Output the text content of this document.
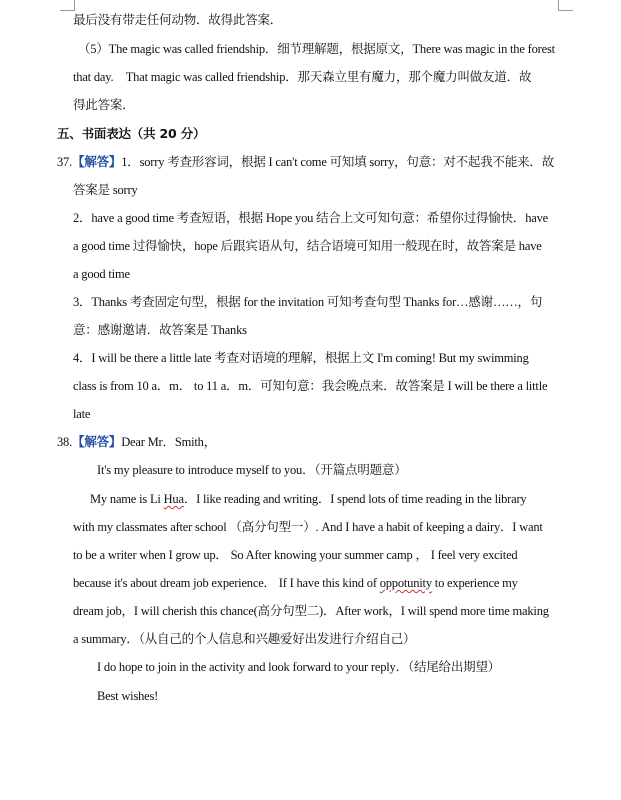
最后没有带走任何动物．故得此答案．
（5）The magic was called friendship．细节理解题，根据原文，There was magic in the forest
that day.　That magic was called friendship．那天森立里有魔力，那个魔力叫做友道．故
得此答案．
五、书面表达（共 20 分）
37.【解答】1．sorry 考查形容词，根据 I can't come 可知填 sorry，句意：对不起我不能来．故
答案是 sorry
2．have a good time 考查短语，根据 Hope you 结合上文可知句意：希望你过得愉快．have
a good time 过得愉快，hope 后跟宾语从句，结合语境可知用一般现在时，故答案是 have
a good time
3．Thanks 考查固定句型，根据 for the invitation 可知考查句型 Thanks for…感谢……，句
意：感谢邀请．故答案是 Thanks
4．I will be there a little late 考查对语境的理解，根据上文 I'm coming! But my swimming
class is from 10 a．m． to 11 a．m．可知句意：我会晚点来．故答案是 I will be there a little
late
38.【解答】Dear Mr．Smith，
It's my pleasure to introduce myself to you．（开篇点明题意）
My name is Li Hua．I like reading and writing．I spend lots of time reading in the library
with my classmates after school （高分句型一）. And I have a habit of keeping a dairy．I want
to be a writer when I grow up． So After knowing your summer camp ， I feel very excited
because it's about dream job experience． If I have this kind of oppotunity to experience my
dream job，I will cherish this chance(高分句型二)．After work，I will spend more time making
a summary．（从自己的个人信息和兴趣爱好出发进行介绍自己）
I do hope to join in the activity and look forward to your reply．（结尾给出期望）
Best wishes!
